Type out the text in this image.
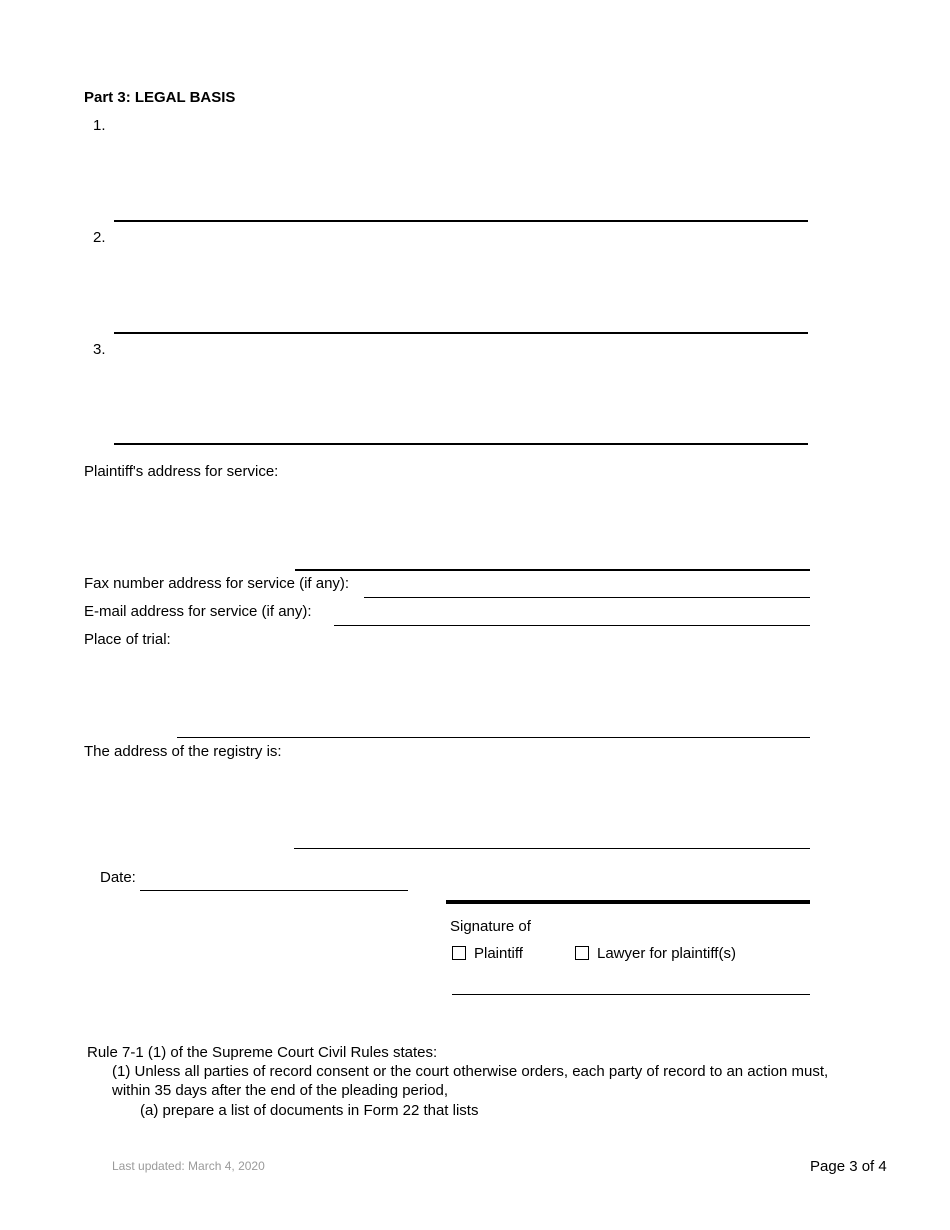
Part 3: LEGAL BASIS
1.
2.
3.
Plaintiff's address for service:
Fax number address for service (if any):
E-mail address for service (if any):
Place of trial:
The address of the registry is:
Date:
Signature of
Plaintiff	Lawyer for plaintiff(s)
Rule 7-1 (1) of the Supreme Court Civil Rules states:
(1) Unless all parties of record consent or the court otherwise orders, each party of record to an action must,
within 35 days after the end of the pleading period,
(a) prepare a list of documents in Form 22 that lists
Last updated: March 4, 2020	Page 3 of 4
